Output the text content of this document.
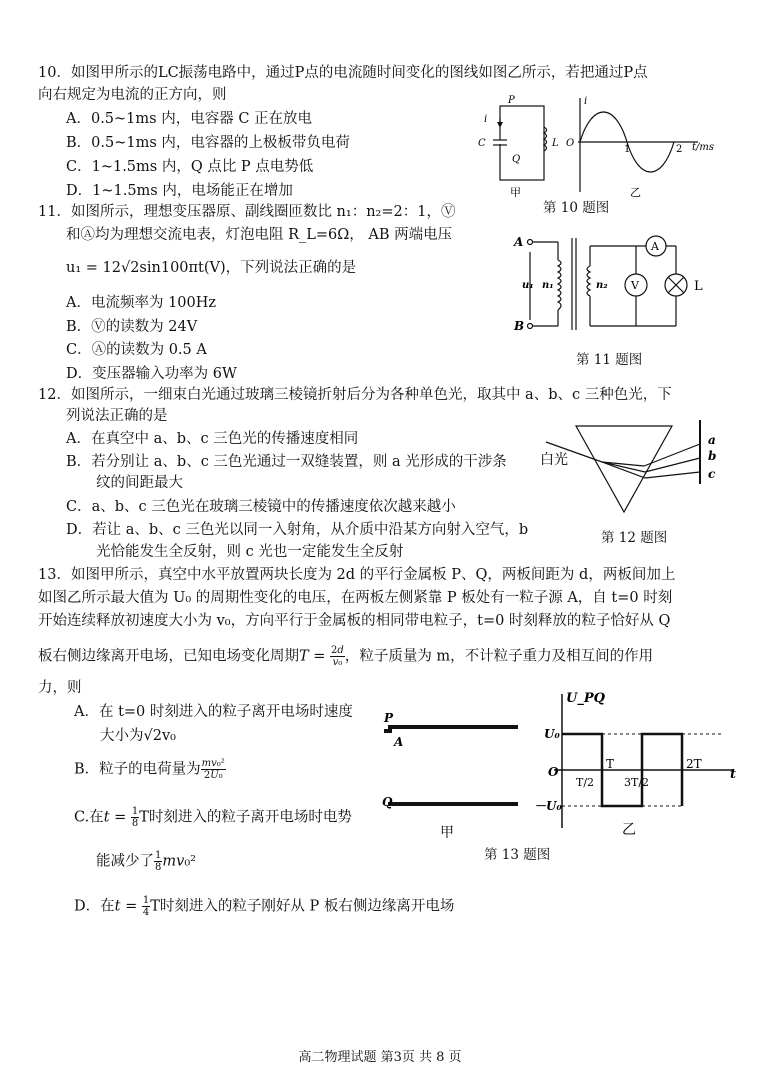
10．如图甲所示的LC振荡电路中，通过P点的电流随时间变化的图线如图乙所示，若把通过P点
向右规定为电流的正方向，则
A．0.5~1ms 内，电容器 C 正在放电
B．0.5~1ms 内，电容器的上极板带负电荷
C．1~1.5ms 内，Q 点比 P 点电势低
D．1~1.5ms 内，电场能正在增加
P
Q
C	L
i
甲
i
O
1	2 t/ms
乙
第 10 题图
11．如图所示，理想变压器原、副线圈匝数比 n₁：n₂=2：1，Ⓥ
和Ⓐ均为理想交流电表，灯泡电阻 R_L=6Ω， AB 两端电压
u₁ = 12√2sin100πt(V)，下列说法正确的是
A．电流频率为 100Hz
B．Ⓥ的读数为 24V
C．Ⓐ的读数为 0.5 A
D．变压器输入功率为 6W
A
B
u₁ n₁	n₂
A
V	L
第 11 题图
12．如图所示，一细束白光通过玻璃三棱镜折射后分为各种单色光，取其中 a、b、c 三种色光，下
列说法正确的是
A．在真空中 a、b、c 三色光的传播速度相同
B．若分别让 a、b、c 三色光通过一双缝装置，则 a 光形成的干涉条
纹的间距最大
C．a、b、c 三色光在玻璃三棱镜中的传播速度依次越来越小
D．若让 a、b、c 三色光以同一入射角，从介质中沿某方向射入空气，b
光恰能发生全反射，则 c 光也一定能发生全反射
白光
a
b
c
第 12 题图
13．如图甲所示，真空中水平放置两块长度为 2d 的平行金属板 P、Q，两板间距为 d，两板间加上
如图乙所示最大值为 U₀ 的周期性变化的电压，在两板左侧紧靠 P 板处有一粒子源 A，自 t=0 时刻
开始连续释放初速度大小为 v₀，方向平行于金属板的相同带电粒子，t=0 时刻释放的粒子恰好从 Q
板右侧边缘离开电场，已知电场变化周期$T = \frac{2d}{\text{v₀}}$ ，粒子质量为 m，不计粒子重力及相互间的作用
力，则
A．在 t=0 时刻进入的粒子离开电场时速度
大小为√2v₀
B．粒子的电荷量为 $\frac{\text{mv₀²}}{\text{2U₀}}$
C.在$t = \frac{1}{8}$ T时刻进入的粒子离开电场时电势
能减少了 $\frac{1}{8} mv_0^2$
D．在$t = \frac{1}{4}$ T时刻进入的粒子刚好从 P 板右侧边缘离开电场
P
A
Q
甲
U_PQ
U₀
－U₀
O	t
T/2
T
3T/2
2T
乙
第 13 题图
高二物理试题 第3页 共 8 页
